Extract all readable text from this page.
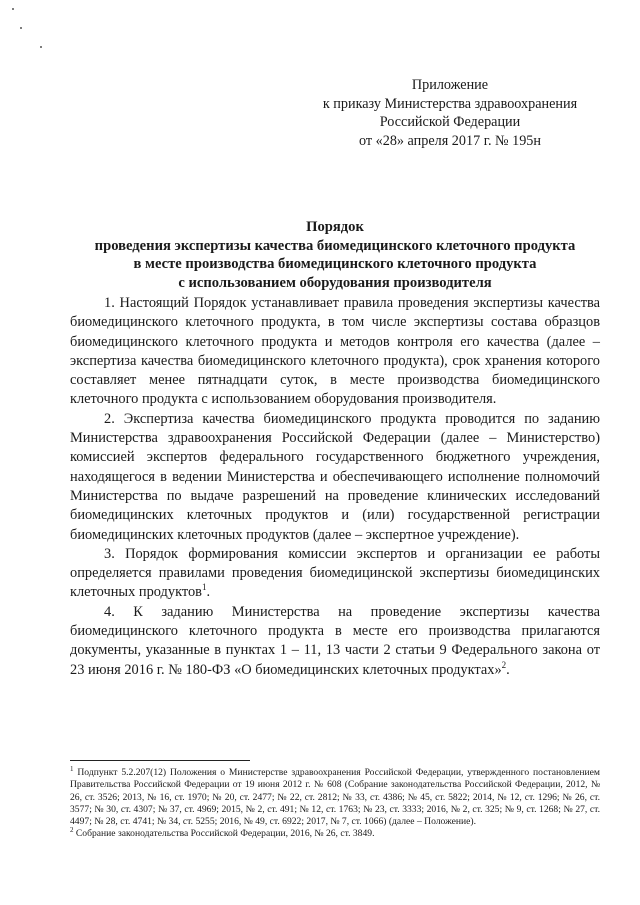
Приложение
к приказу Министерства здравоохранения
Российской Федерации
от «28» апреля 2017 г. № 195н
Порядок
проведения экспертизы качества биомедицинского клеточного продукта
в месте производства биомедицинского клеточного продукта
с использованием оборудования производителя

1. Настоящий Порядок устанавливает правила проведения экспертизы качества биомедицинского клеточного продукта, в том числе экспертизы состава образцов биомедицинского клеточного продукта и методов контроля его качества (далее – экспертиза качества биомедицинского клеточного продукта), срок хранения которого составляет менее пятнадцати суток, в месте производства биомедицинского клеточного продукта с использованием оборудования производителя.

2. Экспертиза качества биомедицинского продукта проводится по заданию Министерства здравоохранения Российской Федерации (далее – Министерство) комиссией экспертов федерального государственного бюджетного учреждения, находящегося в ведении Министерства и обеспечивающего исполнение полномочий Министерства по выдаче разрешений на проведение клинических исследований биомедицинских клеточных продуктов и (или) государственной регистрации биомедицинских клеточных продуктов (далее – экспертное учреждение).

3. Порядок формирования комиссии экспертов и организации ее работы определяется правилами проведения биомедицинской экспертизы биомедицинских клеточных продуктов$^1$.

4. К заданию Министерства на проведение экспертизы качества биомедицинского клеточного продукта в месте его производства прилагаются документы, указанные в пунктах 1 – 11, 13 части 2 статьи 9 Федерального закона от 23 июня 2016 г. № 180-ФЗ «О биомедицинских клеточных продуктах»$^2$.

$^1$ Подпункт 5.2.207(12) Положения о Министерстве здравоохранения Российской Федерации, утвержденного постановлением Правительства Российской Федерации от 19 июня 2012 г. № 608 (Собрание законодательства Российской Федерации, 2012, № 26, ст. 3526; 2013, № 16, ст. 1970; № 20, ст. 2477; № 22, ст. 2812; № 33, ст. 4386; № 45, ст. 5822; 2014, № 12, ст. 1296; № 26, ст. 3577; № 30, ст. 4307; № 37, ст. 4969; 2015, № 2, ст. 491; № 12, ст. 1763; № 23, ст. 3333; 2016, № 2, ст. 325; № 9, ст. 1268; № 27, ст. 4497; № 28, ст. 4741; № 34, ст. 5255; 2016, № 49, ст. 6922; 2017, № 7, ст. 1066) (далее – Положение).

$^2$ Собрание законодательства Российской Федерации, 2016, № 26, ст. 3849.
